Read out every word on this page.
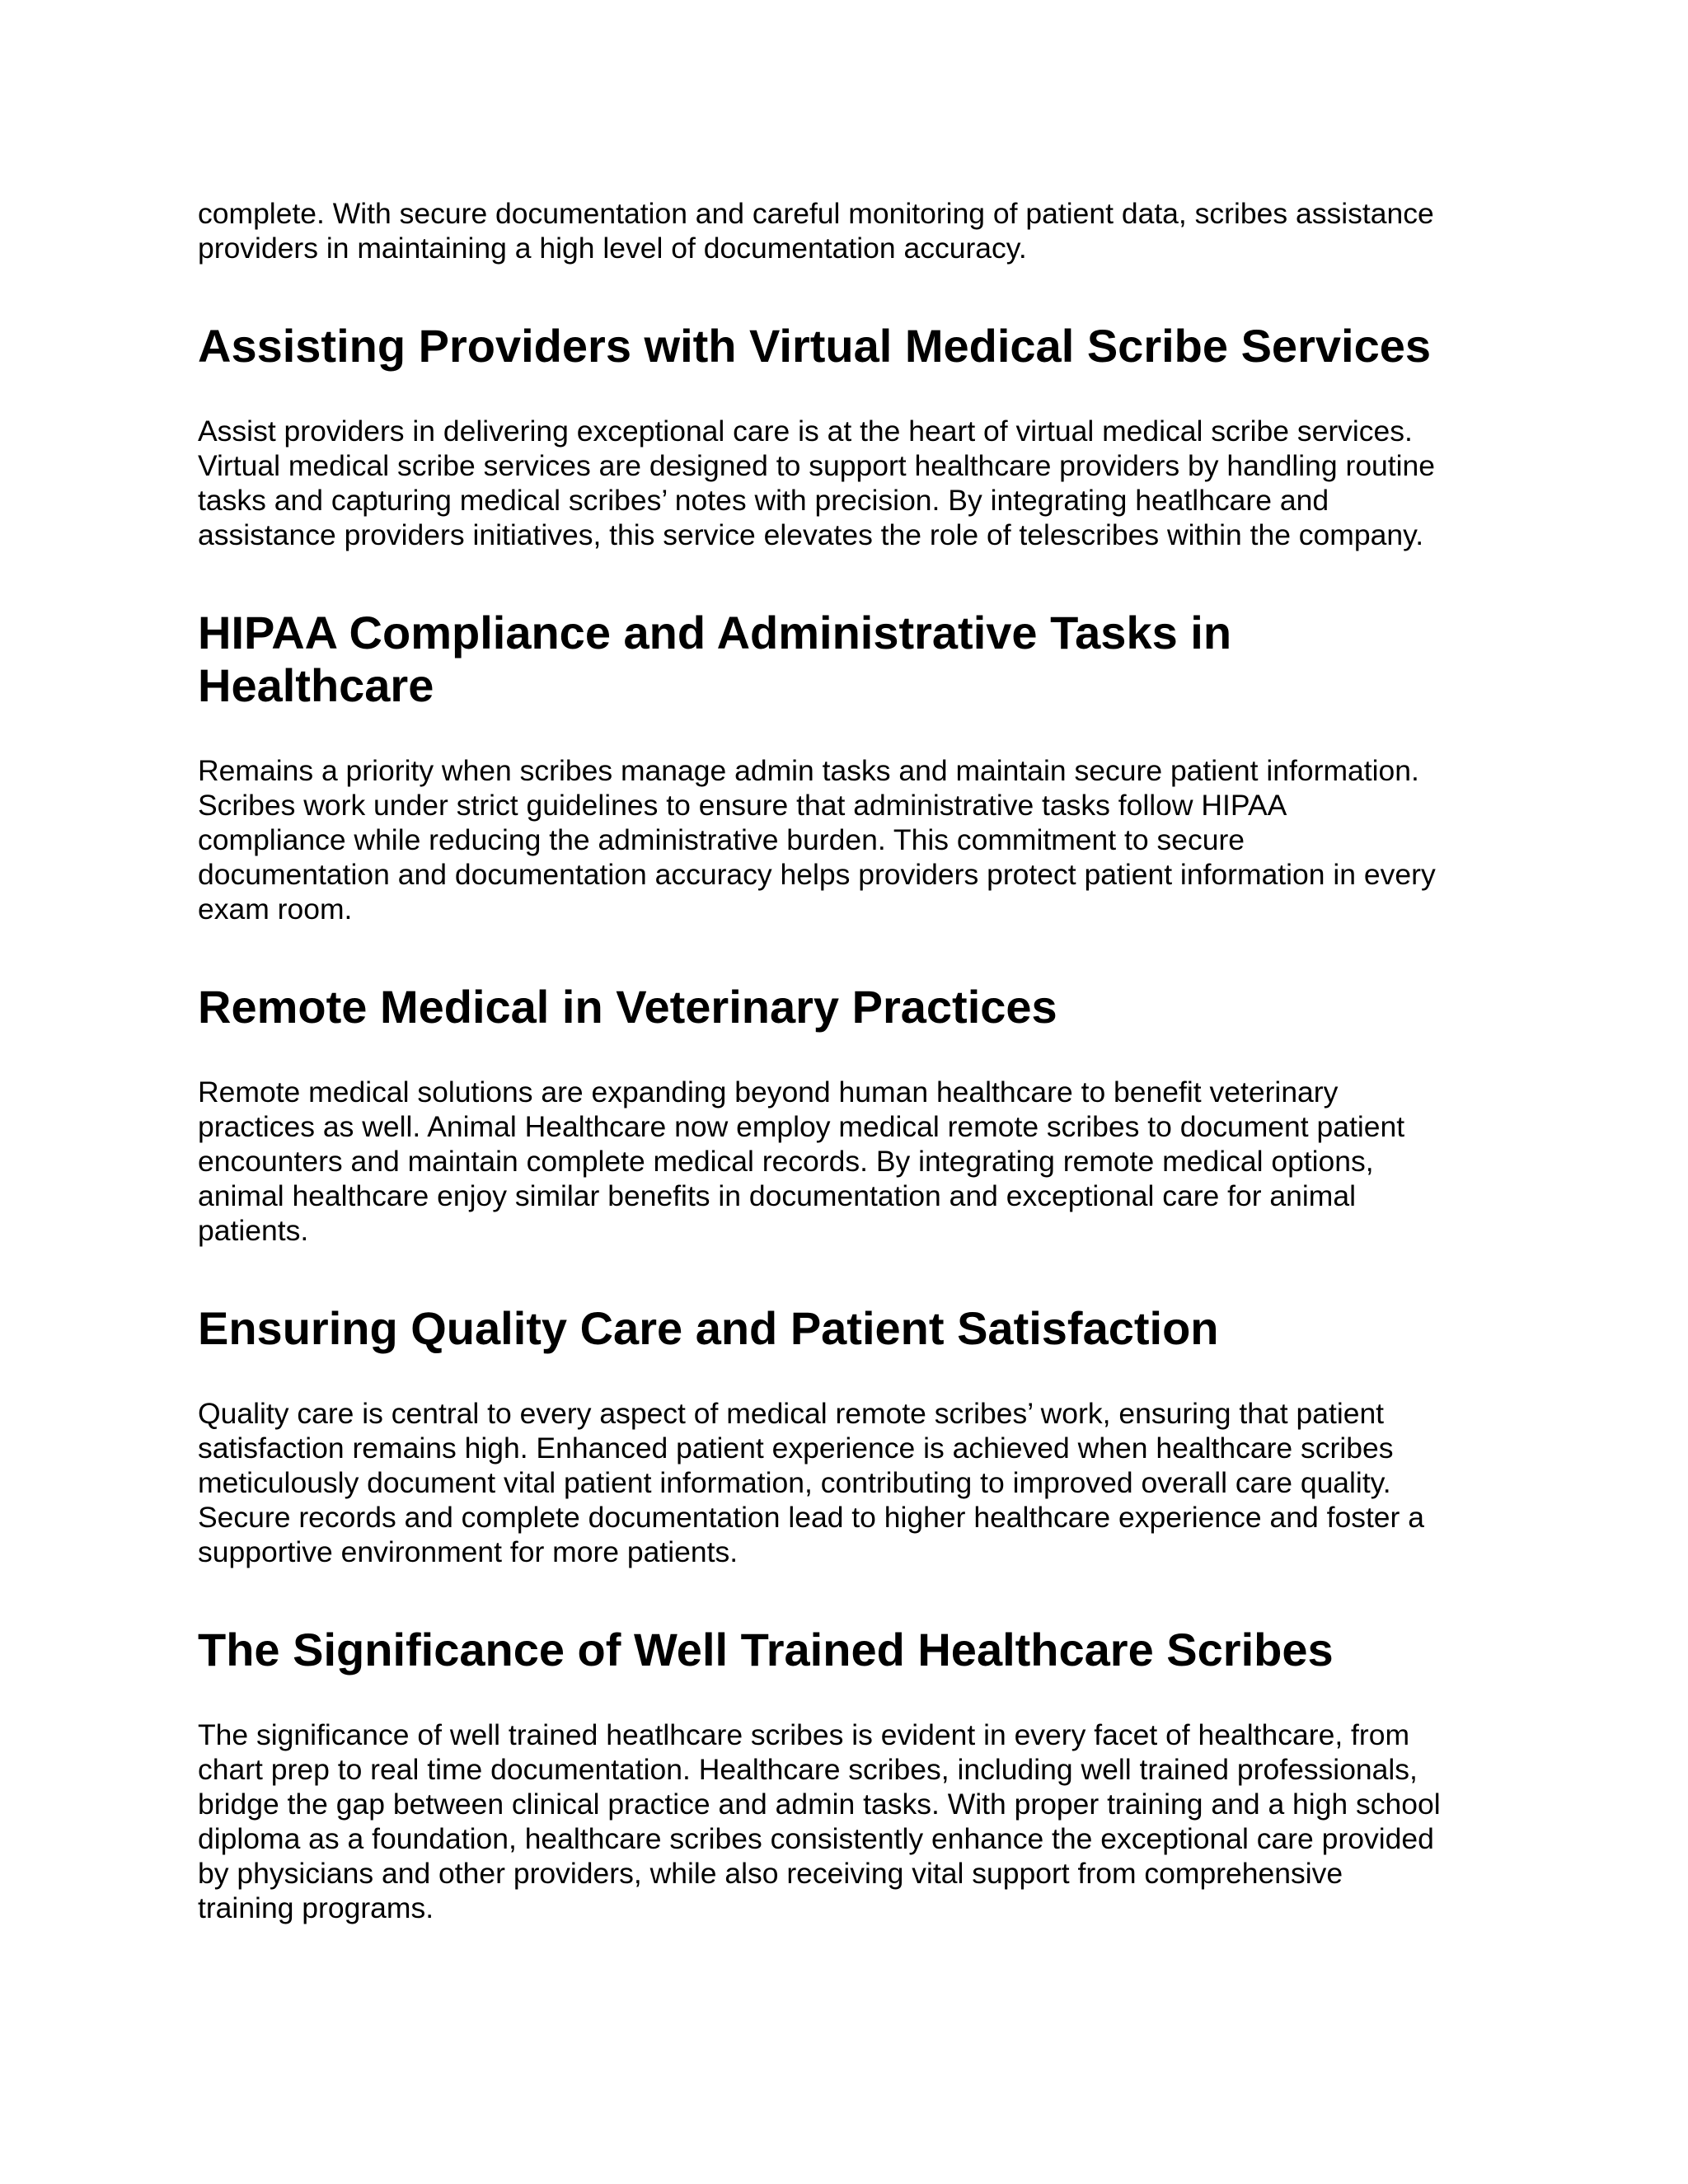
complete. With secure documentation and careful monitoring of patient data, scribes assistance
providers in maintaining a high level of documentation accuracy.

Assisting Providers with Virtual Medical Scribe Services

Assist providers in delivering exceptional care is at the heart of virtual medical scribe services.
Virtual medical scribe services are designed to support healthcare providers by handling routine
tasks and capturing medical scribes’ notes with precision. By integrating heatlhcare and
assistance providers initiatives, this service elevates the role of telescribes within the company.

HIPAA Compliance and Administrative Tasks in
Healthcare

Remains a priority when scribes manage admin tasks and maintain secure patient information.
Scribes work under strict guidelines to ensure that administrative tasks follow HIPAA
compliance while reducing the administrative burden. This commitment to secure
documentation and documentation accuracy helps providers protect patient information in every
exam room.

Remote Medical in Veterinary Practices

Remote medical solutions are expanding beyond human healthcare to benefit veterinary
practices as well. Animal Healthcare now employ medical remote scribes to document patient
encounters and maintain complete medical records. By integrating remote medical options,
animal healthcare enjoy similar benefits in documentation and exceptional care for animal
patients.

Ensuring Quality Care and Patient Satisfaction

Quality care is central to every aspect of medical remote scribes’ work, ensuring that patient
satisfaction remains high. Enhanced patient experience is achieved when healthcare scribes
meticulously document vital patient information, contributing to improved overall care quality.
Secure records and complete documentation lead to higher healthcare experience and foster a
supportive environment for more patients.

The Significance of Well Trained Healthcare Scribes

The significance of well trained heatlhcare scribes is evident in every facet of healthcare, from
chart prep to real time documentation. Healthcare scribes, including well trained professionals,
bridge the gap between clinical practice and admin tasks. With proper training and a high school
diploma as a foundation, healthcare scribes consistently enhance the exceptional care provided
by physicians and other providers, while also receiving vital support from comprehensive
training programs.
